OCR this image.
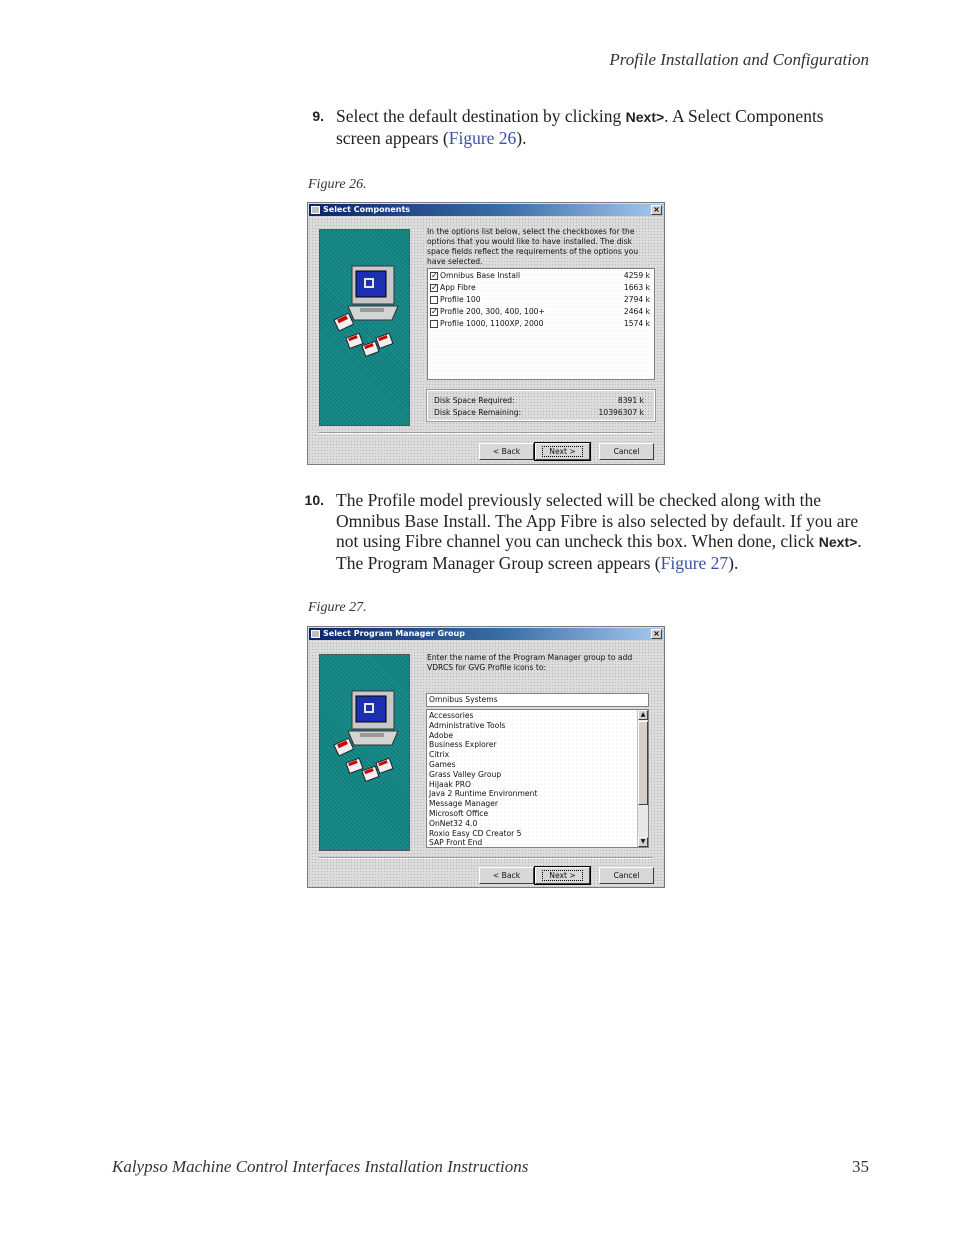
Profile Installation and Configuration
9. Select the default destination by clicking Next>. A Select Components screen appears (Figure 26).
Figure 26.
Select Components	×
In the options list below, select the checkboxes for the options that you would like to have installed. The disk space fields reflect the requirements of the options you have selected.
✓ Omnibus Base Install	4259 k
✓ App Fibre	1663 k
Profile 100	2794 k
✓ Profile 200, 300, 400, 100+	2464 k
Profile 1000, 1100XP, 2000	1574 k
Disk Space Required:	8391 k
Disk Space Remaining:	10396307 k
< Back	Next >	Cancel
10. The Profile model previously selected will be checked along with the Omnibus Base Install. The App Fibre is also selected by default. If you are not using Fibre channel you can uncheck this box. When done, click Next>. The Program Manager Group screen appears (Figure 27).
Figure 27.
Select Program Manager Group	×
Enter the name of the Program Manager group to add VDRCS for GVG Profile icons to:
Omnibus Systems
Accessories
Administrative Tools
Adobe
Business Explorer
Citrix
Games
Grass Valley Group
HiJaak PRO
Java 2 Runtime Environment
Message Manager
Microsoft Office
OnNet32 4.0
Roxio Easy CD Creator 5
SAP Front End
▲
▼
< Back	Next >	Cancel
Kalypso Machine Control Interfaces Installation Instructions	35
